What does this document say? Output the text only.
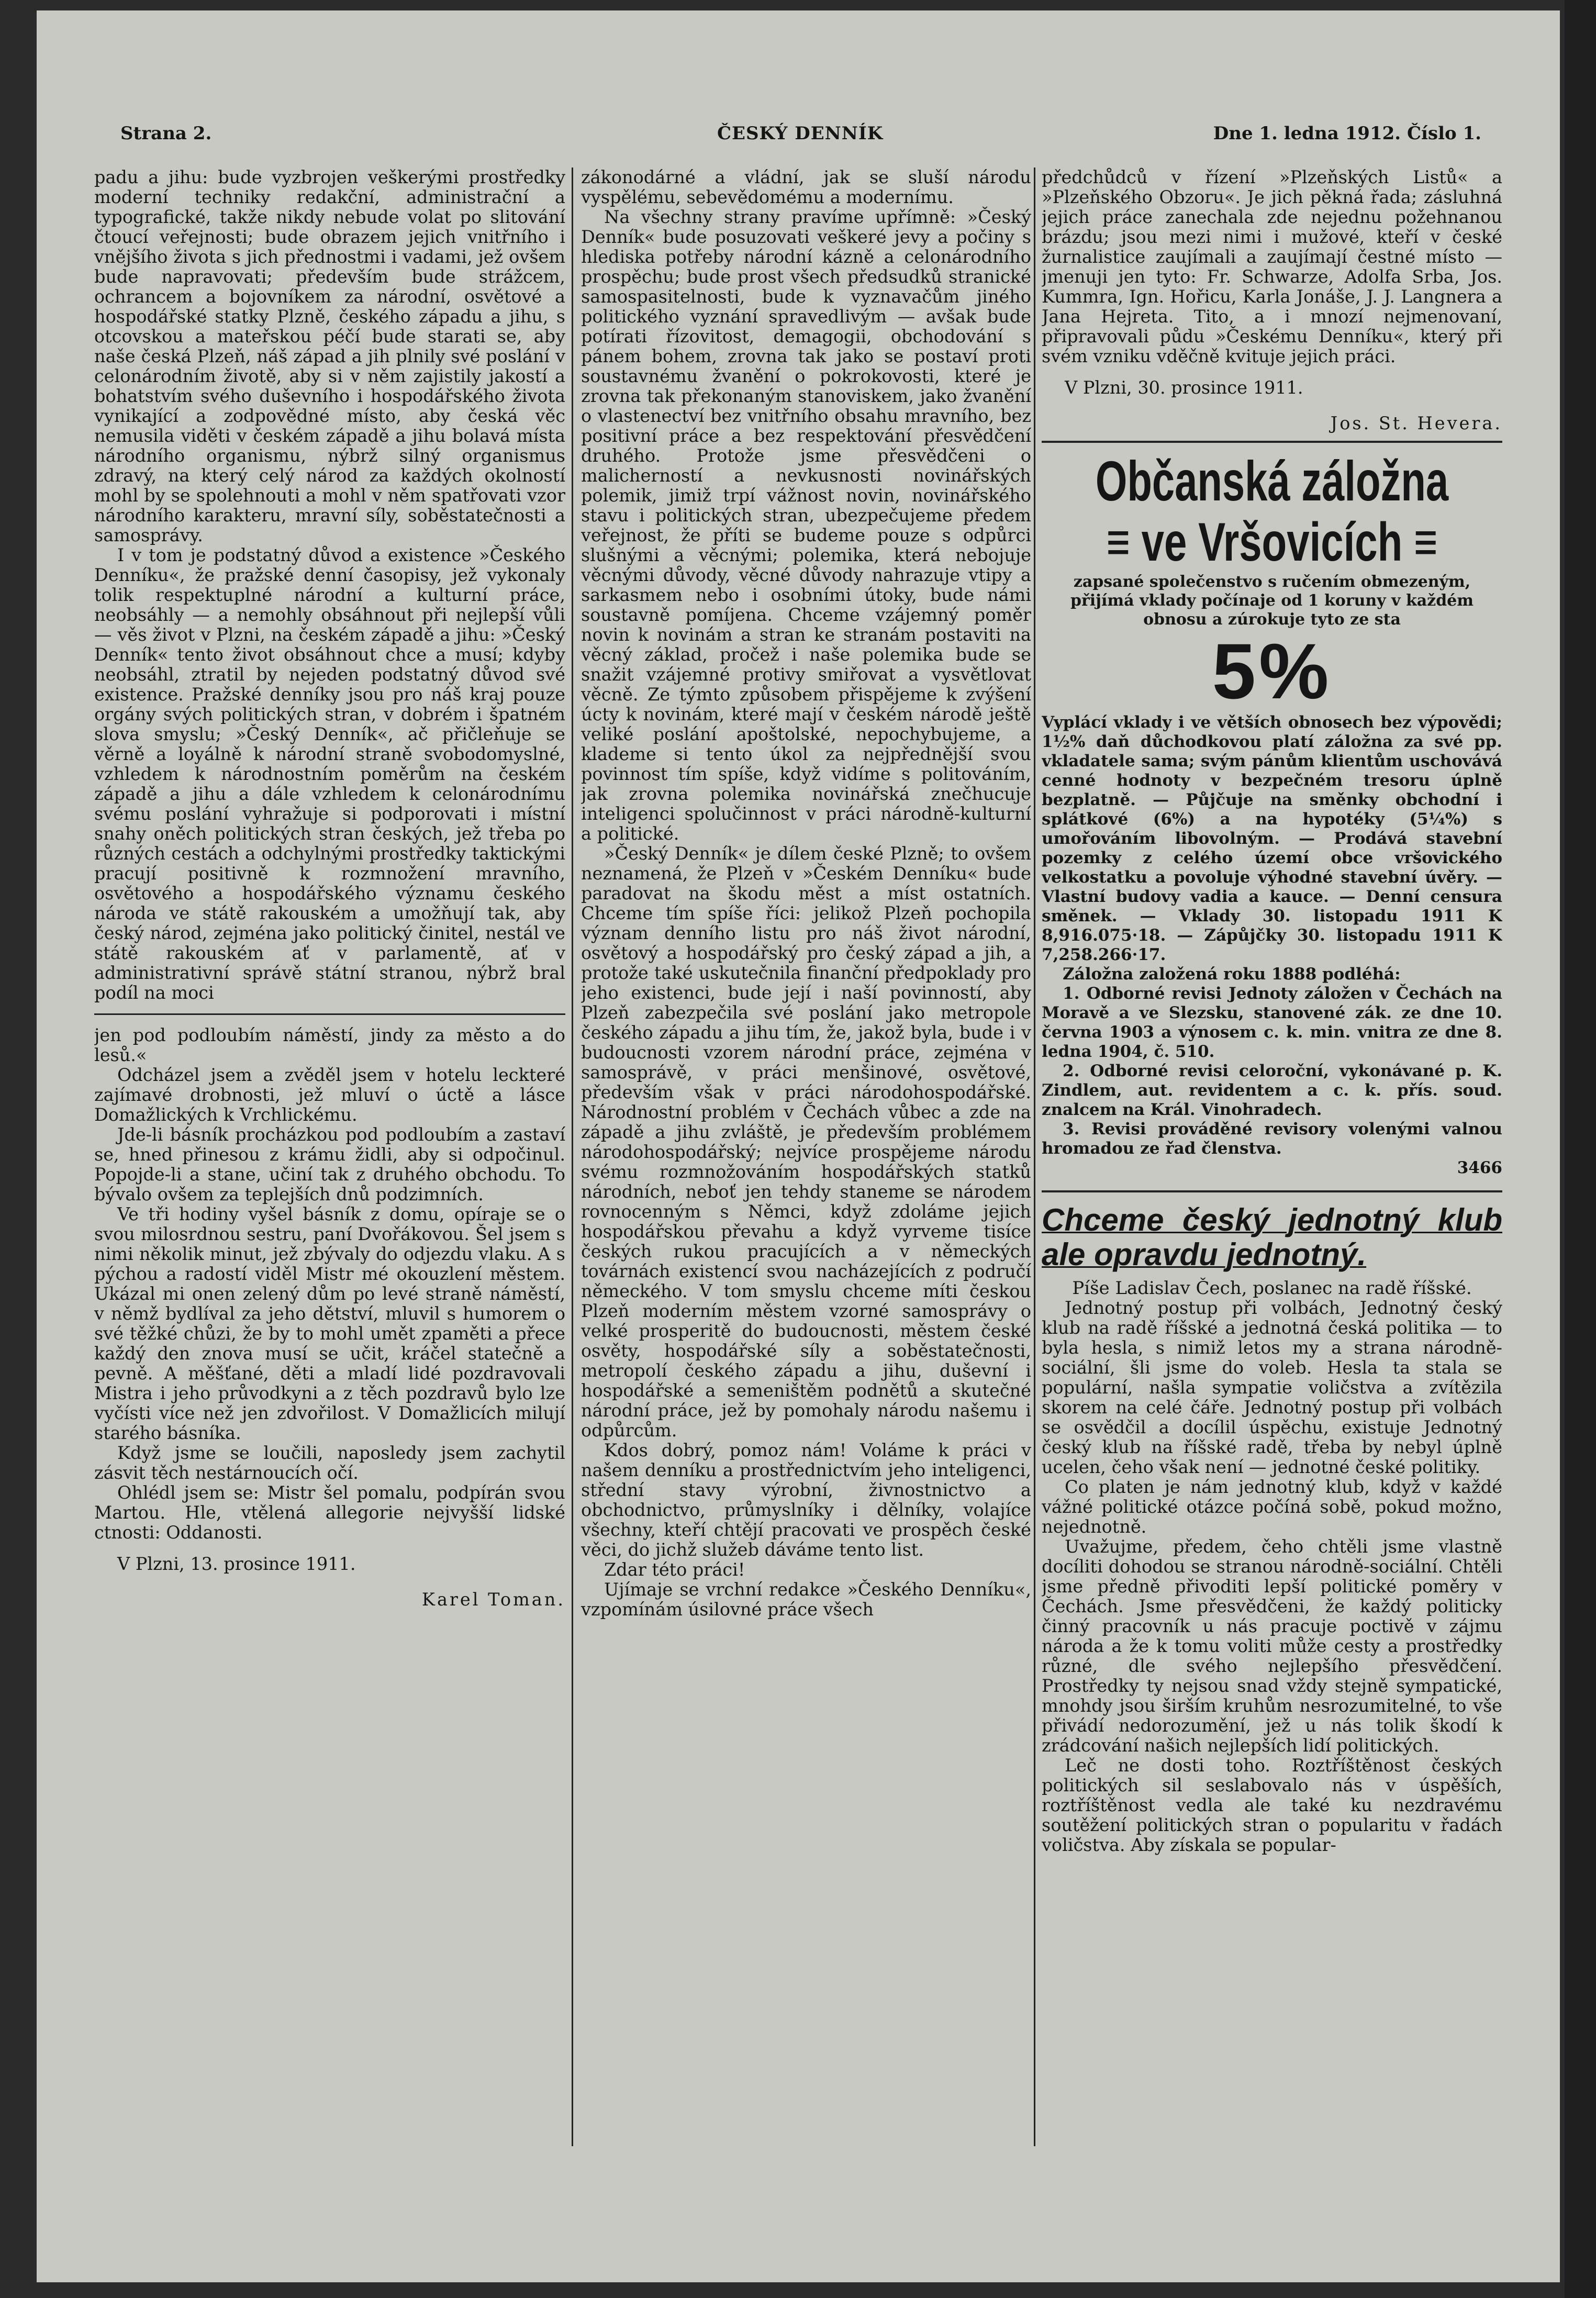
Strana 2.	ČESKÝ DENNÍK	Dne 1. ledna 1912. Číslo 1.

padu a jihu: bude vyzbrojen veškerými prostředky moderní techniky redakční, administrační a typografické, takže nikdy nebude volat po slitování čtoucí veřejnosti; bude obrazem jejich vnitřního i vnějšího života s jich přednostmi i vadami, jež ovšem bude napravovati; především bude strážcem, ochrancem a bojovníkem za národní, osvětové a hospodářské statky Plzně, českého západu a jihu, s otcovskou a mateřskou péčí bude starati se, aby naše česká Plzeň, náš západ a jih plnily své poslání v celonárodním životě, aby si v něm zajistily jakostí a bohatstvím svého duševního i hospodářského života vynikající a zodpovědné místo, aby česká věc nemusila viděti v českém západě a jihu bolavá místa národního organismu, nýbrž silný organismus zdravý, na který celý národ za každých okolností mohl by se spolehnouti a mohl v něm spatřovati vzor národního karakteru, mravní síly, soběstatečnosti a samosprávy.

I v tom je podstatný důvod a existence »Českého Denníku«, že pražské denní časopisy, jež vykonaly tolik respektuplné národní a kulturní práce, neobsáhly — a nemohly obsáhnout při nejlepší vůli — věs život v Plzni, na českém západě a jihu: »Český Denník« tento život obsáhnout chce a musí; kdyby neobsáhl, ztratil by nejeden podstatný důvod své existence. Pražské denníky jsou pro náš kraj pouze orgány svých politických stran, v dobrém i špatném slova smyslu; »Český Denník«, ač přičleňuje se věrně a loyálně k národní straně svobodomyslné, vzhledem k národnostním poměrům na českém západě a jihu a dále vzhledem k celonárodnímu svému poslání vyhražuje si podporovati i místní snahy oněch politických stran českých, jež třeba po různých cestách a odchylnými prostředky taktickými pracují positivně k rozmnožení mravního, osvětového a hospodářského významu českého národa ve státě rakouském a umožňují tak, aby český národ, zejména jako politický činitel, nestál ve státě rakouském ať v parlamentě, ať v administrativní správě státní stranou, nýbrž bral podíl na moci

jen pod podloubím náměstí, jindy za město a do lesů.«

Odcházel jsem a zvěděl jsem v hotelu leckteré zajímavé drobnosti, jež mluví o úctě a lásce Domažlických k Vrchlickému.

Jde-li básník procházkou pod podloubím a zastaví se, hned přinesou z krámu židli, aby si odpočinul. Popojde-li a stane, učiní tak z druhého obchodu. To bývalo ovšem za teplejších dnů podzimních.

Ve tři hodiny vyšel básník z domu, opíraje se o svou milosrdnou sestru, paní Dvořákovou. Šel jsem s nimi několik minut, jež zbývaly do odjezdu vlaku. A s pýchou a radostí viděl Mistr mé okouzlení městem. Ukázal mi onen zelený dům po levé straně náměstí, v němž bydlíval za jeho dětství, mluvil s humorem o své těžké chůzi, že by to mohl umět zpaměti a přece každý den znova musí se učit, kráčel statečně a pevně. A měšťané, děti a mladí lidé pozdravovali Mistra i jeho průvodkyni a z těch pozdravů bylo lze vyčísti více než jen zdvořilost. V Domažlicích milují starého básníka.

Když jsme se loučili, naposledy jsem zachytil zásvit těch nestárnoucích očí.

Ohlédl jsem se: Mistr šel pomalu, podpírán svou Martou. Hle, vtělená allegorie nejvyšší lidské ctnosti: Oddanosti.

V Plzni, 13. prosince 1911.

Karel Toman.

zákonodárné a vládní, jak se sluší národu vyspělému, sebevědomému a modernímu.

Na všechny strany pravíme upřímně: »Český Denník« bude posuzovati veškeré jevy a počiny s hlediska potřeby národní kázně a celonárodního prospěchu; bude prost všech předsudků stranické samospasitelnosti, bude k vyznavačům jiného politického vyznání spravedlivým — avšak bude potírati řízovitost, demagogii, obchodování s pánem bohem, zrovna tak jako se postaví proti soustavnému žvanění o pokrokovosti, které je zrovna tak překonaným stanoviskem, jako žvanění o vlastenectví bez vnitřního obsahu mravního, bez positivní práce a bez respektování přesvědčení druhého. Protože jsme přesvědčeni o malicherností a nevkusnosti novinářských polemik, jimiž trpí vážnost novin, novinářského stavu i politických stran, ubezpečujeme předem veřejnost, že příti se budeme pouze s odpůrci slušnými a věcnými; polemika, která nebojuje věcnými důvody, věcné důvody nahrazuje vtipy a sarkasmem nebo i osobními útoky, bude námi soustavně pomíjena. Chceme vzájemný poměr novin k novinám a stran ke stranám postaviti na věcný základ, pročež i naše polemika bude se snažit vzájemné protivy smiřovat a vysvětlovat věcně. Ze týmto způsobem přispějeme k zvýšení úcty k novinám, které mají v českém národě ještě veliké poslání apoštolské, nepochybujeme, a klademe si tento úkol za nejpřednější svou povinnost tím spíše, když vidíme s politováním, jak zrovna polemika novinářská znečhucuje inteligenci spolučinnost v práci národně-kulturní a politické.

»Český Denník« je dílem české Plzně; to ovšem neznamená, že Plzeň v »Českém Denníku« bude paradovat na škodu měst a míst ostatních. Chceme tím spíše říci: jelikož Plzeň pochopila význam denního listu pro náš život národní, osvětový a hospodářský pro český západ a jih, a protože také uskutečnila finanční předpoklady pro jeho existenci, bude její i naší povinností, aby Plzeň zabezpečila své poslání jako metropole českého západu a jihu tím, že, jakož byla, bude i v budoucnosti vzorem národní práce, zejména v samosprávě, v práci menšinové, osvětové, především však v práci národohospodářské. Národnostní problém v Čechách vůbec a zde na západě a jihu zvláště, je především problémem národohospodářský; nejvíce prospějeme národu svému rozmnožováním hospodářských statků národních, neboť jen tehdy staneme se národem rovnocenným s Němci, když zdoláme jejich hospodářskou převahu a když vyrveme tisíce českých rukou pracujících a v německých továrnách existencí svou nacházejících z područí německého. V tom smyslu chceme míti českou Plzeň moderním městem vzorné samosprávy o velké prosperitě do budoucnosti, městem české osvěty, hospodářské síly a soběstatečnosti, metropolí českého západu a jihu, duševní i hospodářské a semeništěm podnětů a skutečné národní práce, jež by pomohaly národu našemu i odpůrcům.

Kdos dobrý, pomoz nám! Voláme k práci v našem denníku a prostřednictvím jeho inteligenci, střední stavy výrobní, živnostnictvo a obchodnictvo, průmyslníky i dělníky, volajíce všechny, kteří chtějí pracovati ve prospěch české věci, do jichž služeb dáváme tento list.

Zdar této práci!

Ujímaje se vrchní redakce »Českého Denníku«, vzpomínám úsilovné práce všech

předchůdců v řízení »Plzeňských Listů« a »Plzeňského Obzoru«. Je jich pěkná řada; zásluhná jejich práce zanechala zde nejednu požehnanou brázdu; jsou mezi nimi i mužové, kteří v české žurnalistice zaujímali a zaujímají čestné místo — jmenuji jen tyto: Fr. Schwarze, Adolfa Srba, Jos. Kummra, Ign. Hořicu, Karla Jonáše, J. J. Langnera a Jana Hejreta. Tito, a i mnozí nejmenovaní, připravovali půdu »Českému Denníku«, který při svém vzniku vděčně kvituje jejich práci.

V Plzni, 30. prosince 1911.

Jos. St. Hevera.

Občanská záložna
≡ ve Vršovicích ≡
zapsané společenstvo s ručením obmezeným,
přijímá vklady počínaje od 1 koruny v každém obnosu a zúrokuje tyto ze sta
5%
Vyplácí vklady i ve větších obnosech bez výpovědi; 1½% daň důchodkovou platí záložna za své pp. vkladatele sama; svým pánům klientům uschovává cenné hodnoty v bezpečném tresoru úplně bezplatně. — Půjčuje na směnky obchodní i splátkové (6%) a na hypotéky (5¼%) s umořováním libovolným. — Prodává stavební pozemky z celého území obce vršovického velkostatku a povoluje výhodné stavební úvěry. — Vlastní budovy vadia a kauce. — Denní censura směnek. — Vklady 30. listopadu 1911 K 8,916.075·18. — Zápůjčky 30. listopadu 1911 K 7,258.266·17.

Záložna založená roku 1888 podléhá:

1. Odborné revisi Jednoty záložen v Čechách na Moravě a ve Slezsku, stanovené zák. ze dne 10. června 1903 a výnosem c. k. min. vnitra ze dne 8. ledna 1904, č. 510.

2. Odborné revisi celoroční, vykonávané p. K. Zindlem, aut. revidentem a c. k. přís. soud. znalcem na Král. Vinohradech.

3. Revisi prováděné revisory volenými valnou hromadou ze řad členstva.

3466

Chceme český jednotný klub ale opravdu jednotný.

Píše Ladislav Čech, poslanec na radě říšské.

Jednotný postup při volbách, Jednotný český klub na radě říšské a jednotná česká politika — to byla hesla, s nimiž letos my a strana národně-sociální, šli jsme do voleb. Hesla ta stala se populární, našla sympatie voličstva a zvítězila skorem na celé čáře. Jednotný postup při volbách se osvědčil a docílil úspěchu, existuje Jednotný český klub na říšské radě, třeba by nebyl úplně ucelen, čeho však není — jednotné české politiky.

Co platen je nám jednotný klub, když v každé vážné politické otázce počíná sobě, pokud možno, nejednotně.

Uvažujme, předem, čeho chtěli jsme vlastně docíliti dohodou se stranou národně-sociální. Chtěli jsme předně přivoditi lepší politické poměry v Čechách. Jsme přesvědčeni, že každý politicky činný pracovník u nás pracuje poctivě v zájmu národa a že k tomu voliti může cesty a prostředky různé, dle svého nejlepšího přesvědčení. Prostředky ty nejsou snad vždy stejně sympatické, mnohdy jsou širším kruhům nesrozumitelné, to vše přivádí nedorozumění, jež u nás tolik škodí k zrádcování našich nejlepších lidí politických.

Leč ne dosti toho. Roztříštěnost českých politických sil seslabovalo nás v úspěších, roztříštěnost vedla ale také ku nezdravému soutěžení politických stran o popularitu v řadách voličstva. Aby získala se popular-
